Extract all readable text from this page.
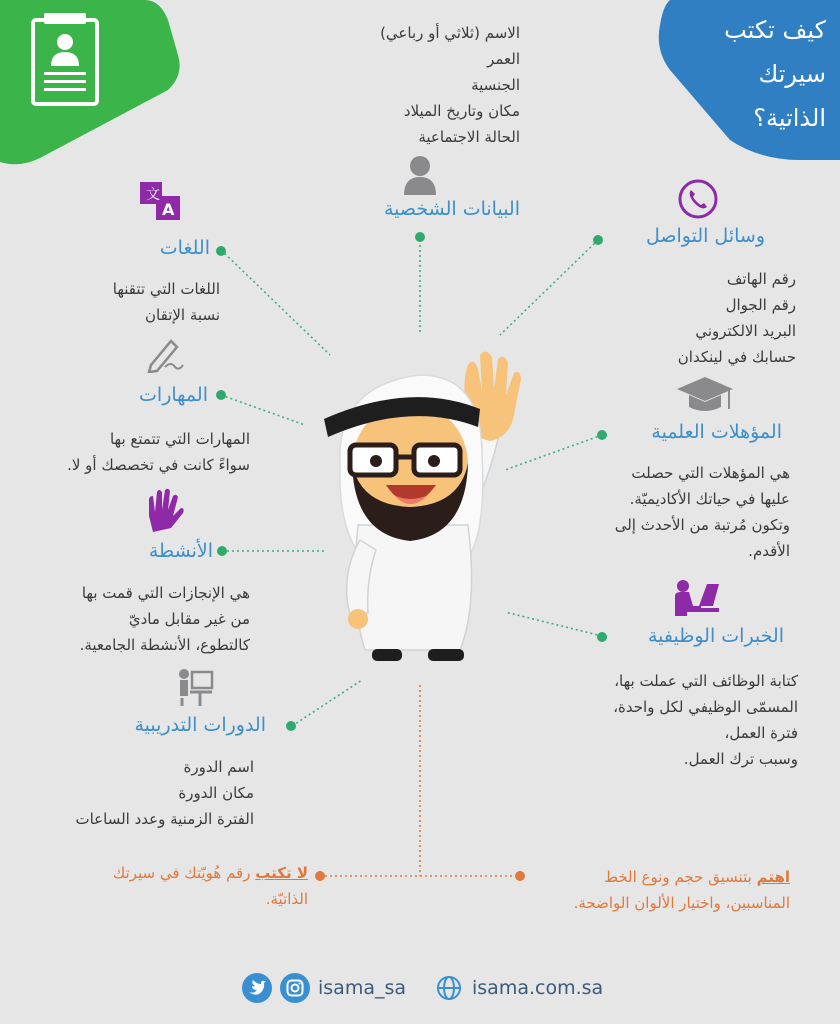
كيف تكتب
سيرتك
الذاتية؟
الاسم (ثلاثي أو رباعي)
العمر
الجنسية
مكان وتاريخ الميلاد
الحالة الاجتماعية
البيانات الشخصية
وسائل التواصل
رقم الهاتف
رقم الجوال
البريد الالكتروني
حسابك في لينكدان
文
A
اللغات
اللغات التي تتقنها
نسبة الإتقان
المهارات
المهارات التي تتمتع بها
سواءً كانت في تخصصك أو لا.
المؤهلات العلمية
هي المؤهلات التي حصلت
عليها في حياتك الأكاديميّة.
وتكون مُرتبة من الأحدث إلى
الأقدم.
الأنشطة
هي الإنجازات التي قمت بها
من غير مقابل ماديّ
كالتطوع، الأنشطة الجامعية.	الخبرات الوظيفية
كتابة الوظائف التي عملت بها،
المسمّى الوظيفي لكل واحدة،
فترة العمل،
وسبب ترك العمل.
الدورات التدريبية
اسم الدورة
مكان الدورة
الفترة الزمنية وعدد الساعات
لا تكتب رقم هُويّتك في سيرتك
الذاتيّة.
اهتم بتنسيق حجم ونوع الخط
المناسبين، واختيار الألوان الواضحة.
isama_sa	isama.com.sa
